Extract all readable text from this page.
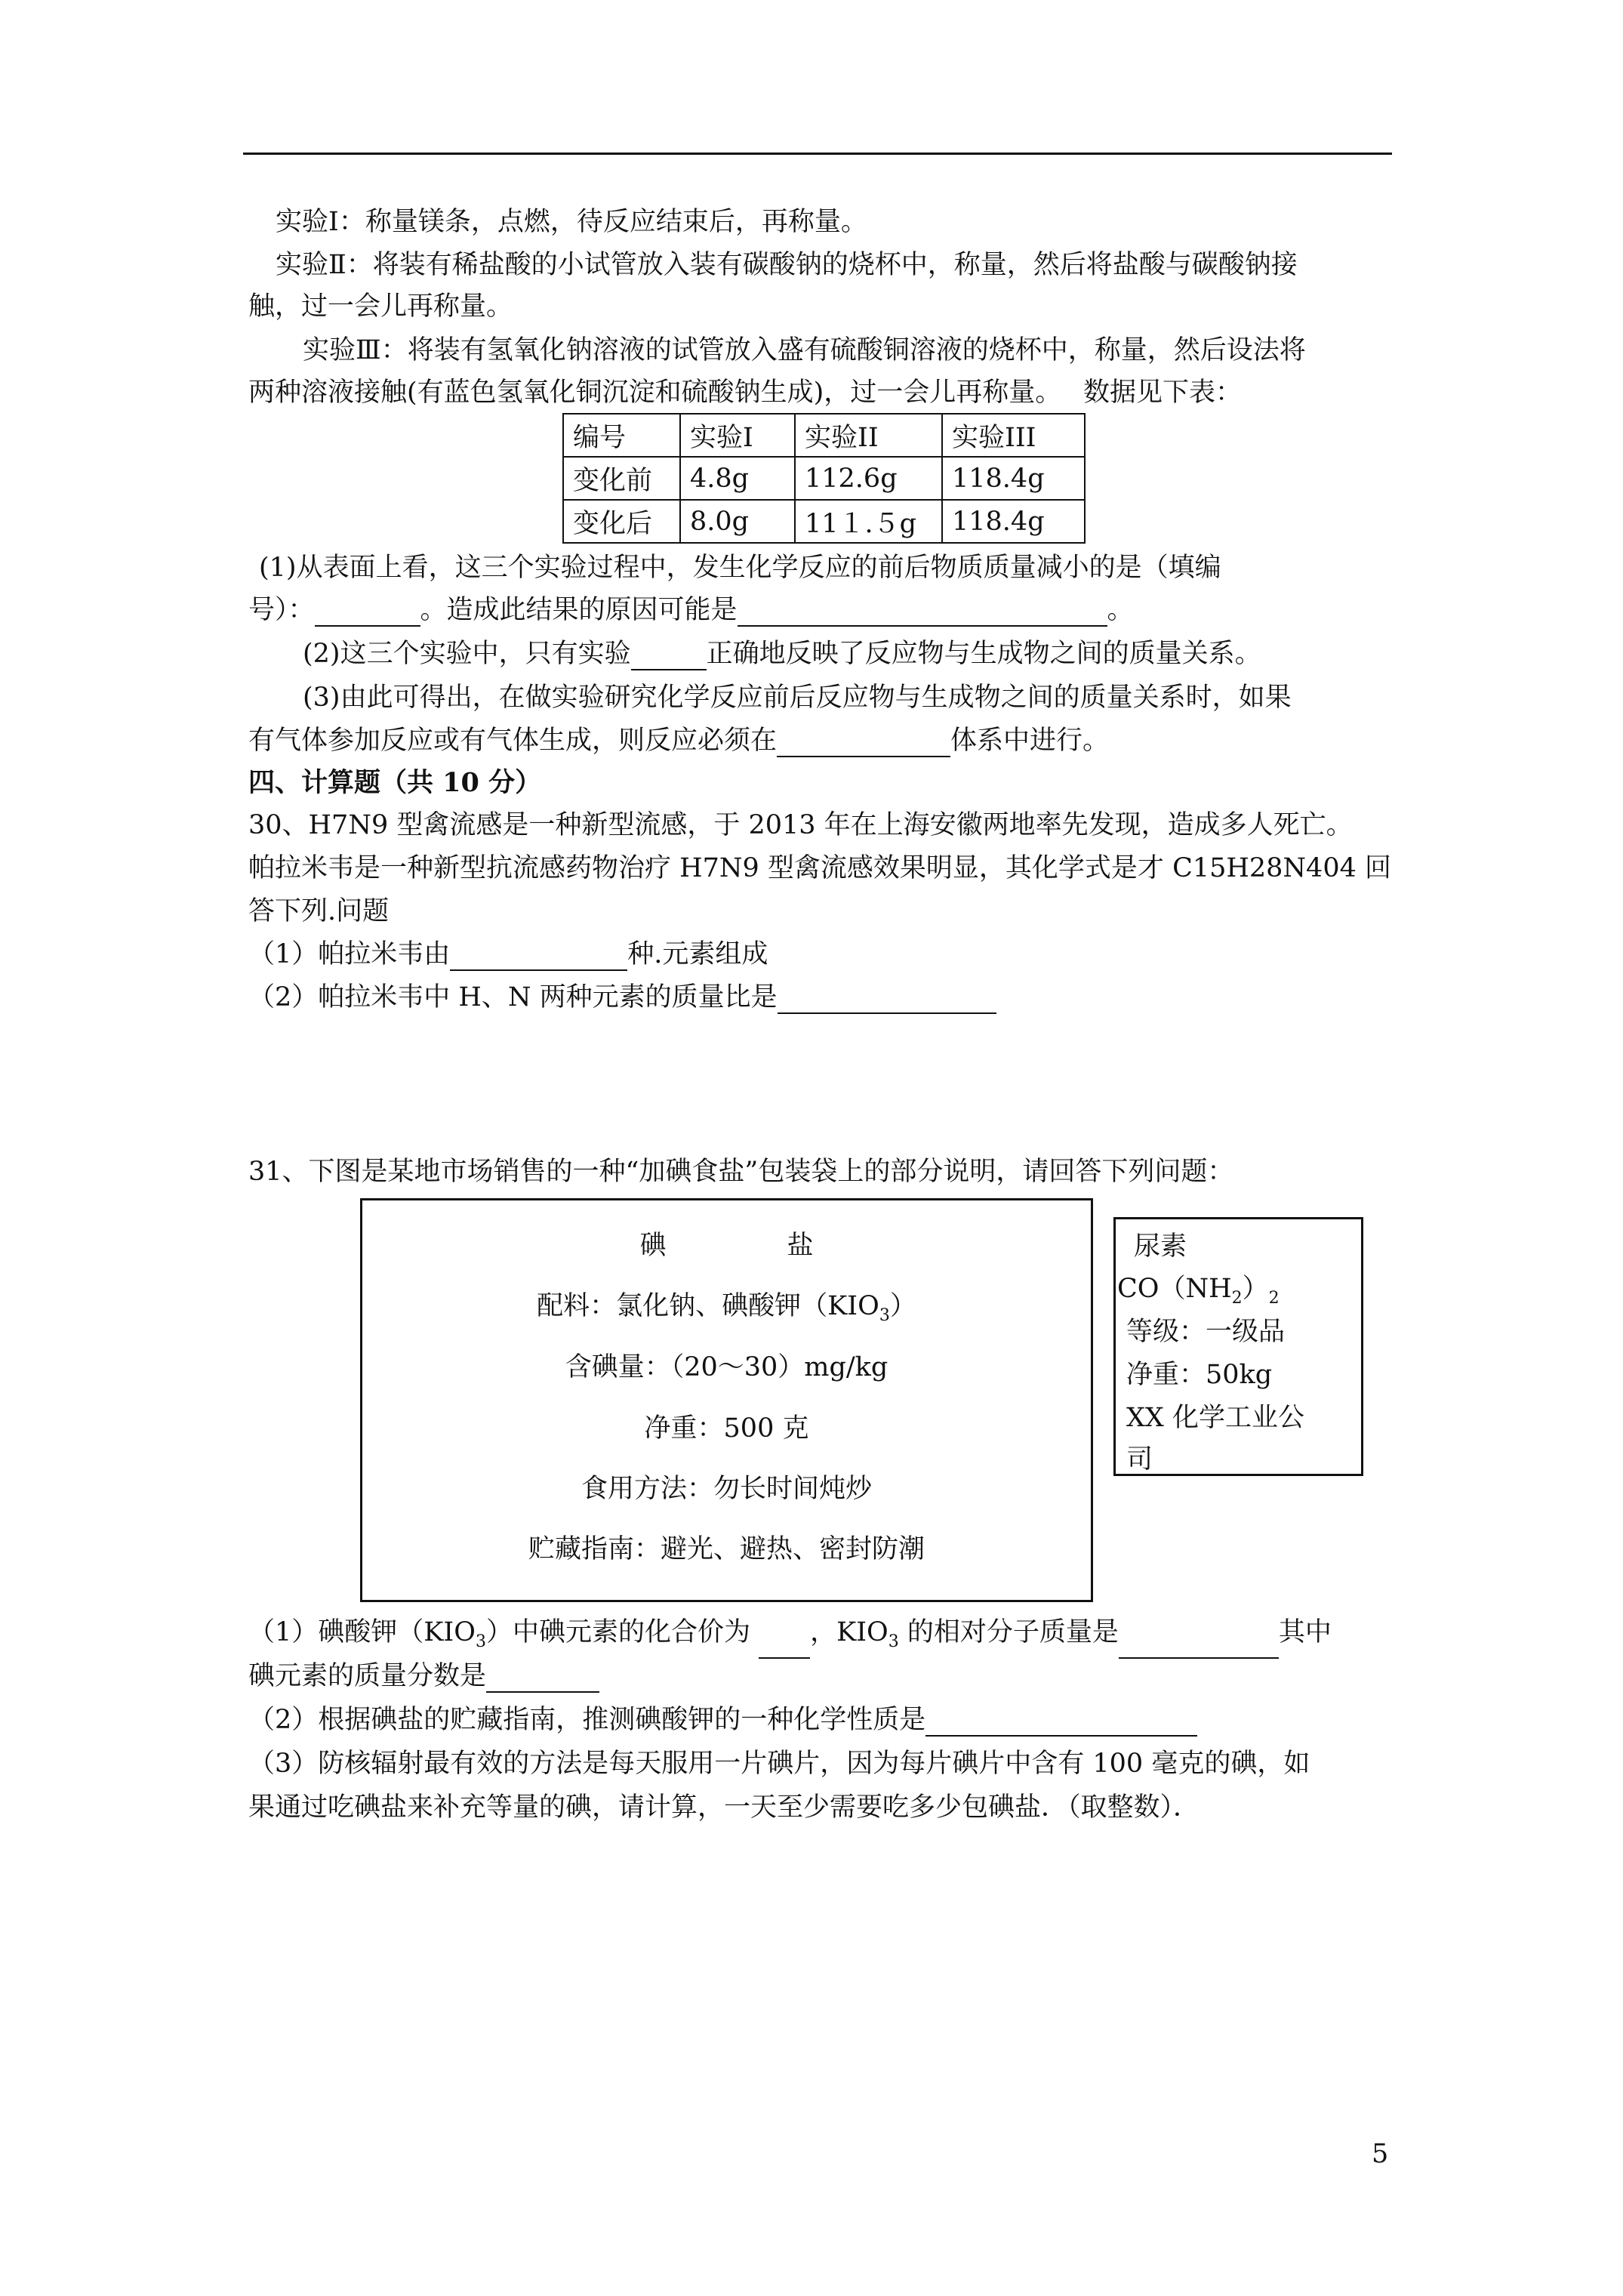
实验Ⅰ：称量镁条，点燃，待反应结束后，再称量。
实验Ⅱ：将装有稀盐酸的小试管放入装有碳酸钠的烧杯中，称量，然后将盐酸与碳酸钠接
触，过一会儿再称量。
实验Ⅲ：将装有氢氧化钠溶液的试管放入盛有硫酸铜溶液的烧杯中，称量，然后设法将
两种溶液接触(有蓝色氢氧化铜沉淀和硫酸钠生成)，过一会儿再称量。　 数据见下表：
编号	实验Ⅰ	实验II	实验III
变化前	4.8g	112.6g	118.4g
变化后	8.0g	11１.５g	118.4g
(1)从表面上看，这三个实验过程中，发生化学反应的前后物质质量减小的是（填编
号）：	。造成此结果的原因可能是	。
(2)这三个实验中，只有实验	正确地反映了反应物与生成物之间的质量关系。
(3)由此可得出，在做实验研究化学反应前后反应物与生成物之间的质量关系时，如果
有气体参加反应或有气体生成，则反应必须在	体系中进行。
四、计算题（共 10 分）
30、H7N9 型禽流感是一种新型流感，于 2013 年在上海安徽两地率先发现，造成多人死亡。
帕拉米韦是一种新型抗流感药物治疗 H7N9 型禽流感效果明显，其化学式是才 C15H28N404 回
答下列.问题
（1）帕拉米韦由	种.元素组成
（2）帕拉米韦中 H、N 两种元素的质量比是
31、下图是某地市场销售的一种“加碘食盐”包装袋上的部分说明，请回答下列问题：
碘	盐
配料：氯化钠、碘酸钾$(KIO_3)$
含碘量：（20～30）mg/kg
净重：500 克
食用方法：勿长时间炖炒
贮藏指南：避光、避热、密封防潮
尿素
$CO(NH_2)_2$
等级：一级品
净重：50kg
XX 化学工业公
司
（1）碘酸钾$(KIO_3)$中碘元素的化合价为 ，$KIO_3$ 的相对分子质量是	其中
碘元素的质量分数是
（2）根据碘盐的贮藏指南，推测碘酸钾的一种化学性质是
（3）防核辐射最有效的方法是每天服用一片碘片，因为每片碘片中含有 100 毫克的碘，如
果通过吃碘盐来补充等量的碘，请计算，一天至少需要吃多少包碘盐．（取整数）．
5
